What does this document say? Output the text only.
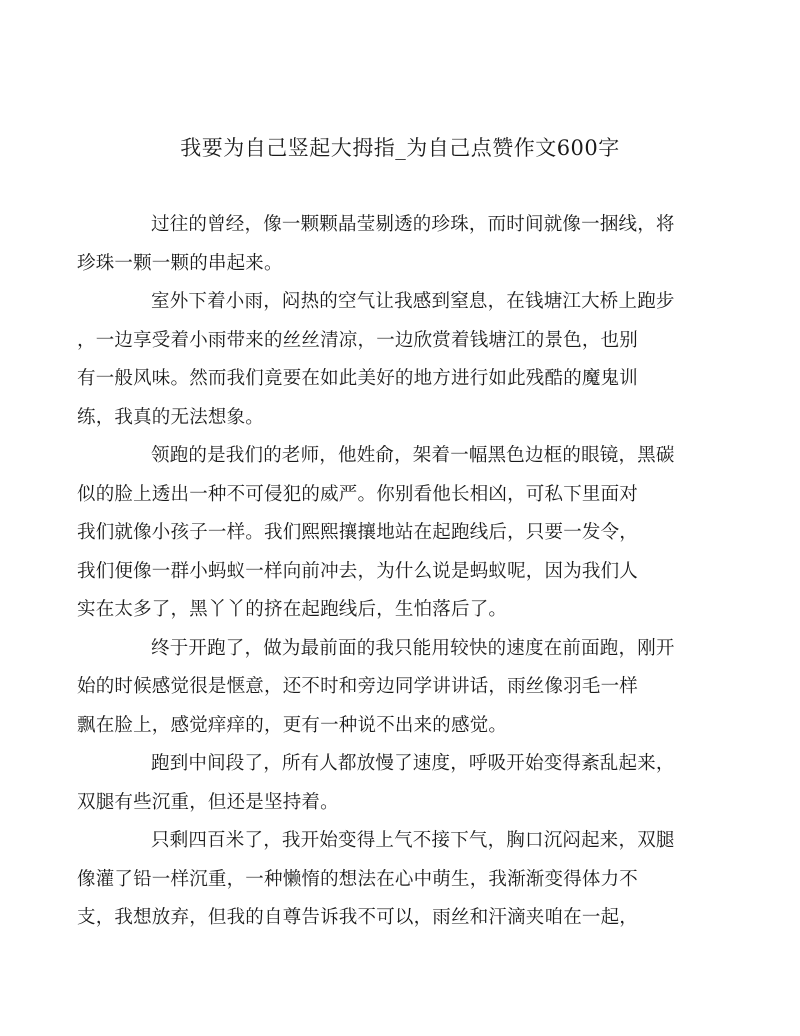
我要为自己竖起大拇指_为自己点赞作文600字

过往的曾经，像一颗颗晶莹剔透的珍珠，而时间就像一捆线，将
珍珠一颗一颗的串起来。

室外下着小雨，闷热的空气让我感到窒息，在钱塘江大桥上跑步
，一边享受着小雨带来的丝丝清凉，一边欣赏着钱塘江的景色，也别
有一般风味。然而我们竟要在如此美好的地方进行如此残酷的魔鬼训
练，我真的无法想象。

领跑的是我们的老师，他姓俞，架着一幅黑色边框的眼镜，黑碳
似的脸上透出一种不可侵犯的威严。你别看他长相凶，可私下里面对
我们就像小孩子一样。我们熙熙攘攘地站在起跑线后，只要一发令，
我们便像一群小蚂蚁一样向前冲去，为什么说是蚂蚁呢，因为我们人
实在太多了，黑丫丫的挤在起跑线后，生怕落后了。

终于开跑了，做为最前面的我只能用较快的速度在前面跑，刚开
始的时候感觉很是惬意，还不时和旁边同学讲讲话，雨丝像羽毛一样
飘在脸上，感觉痒痒的，更有一种说不出来的感觉。

跑到中间段了，所有人都放慢了速度，呼吸开始变得紊乱起来，
双腿有些沉重，但还是坚持着。

只剩四百米了，我开始变得上气不接下气，胸口沉闷起来，双腿
像灌了铅一样沉重，一种懒惰的想法在心中萌生，我渐渐变得体力不
支，我想放弃，但我的自尊告诉我不可以，雨丝和汗滴夹咱在一起，
